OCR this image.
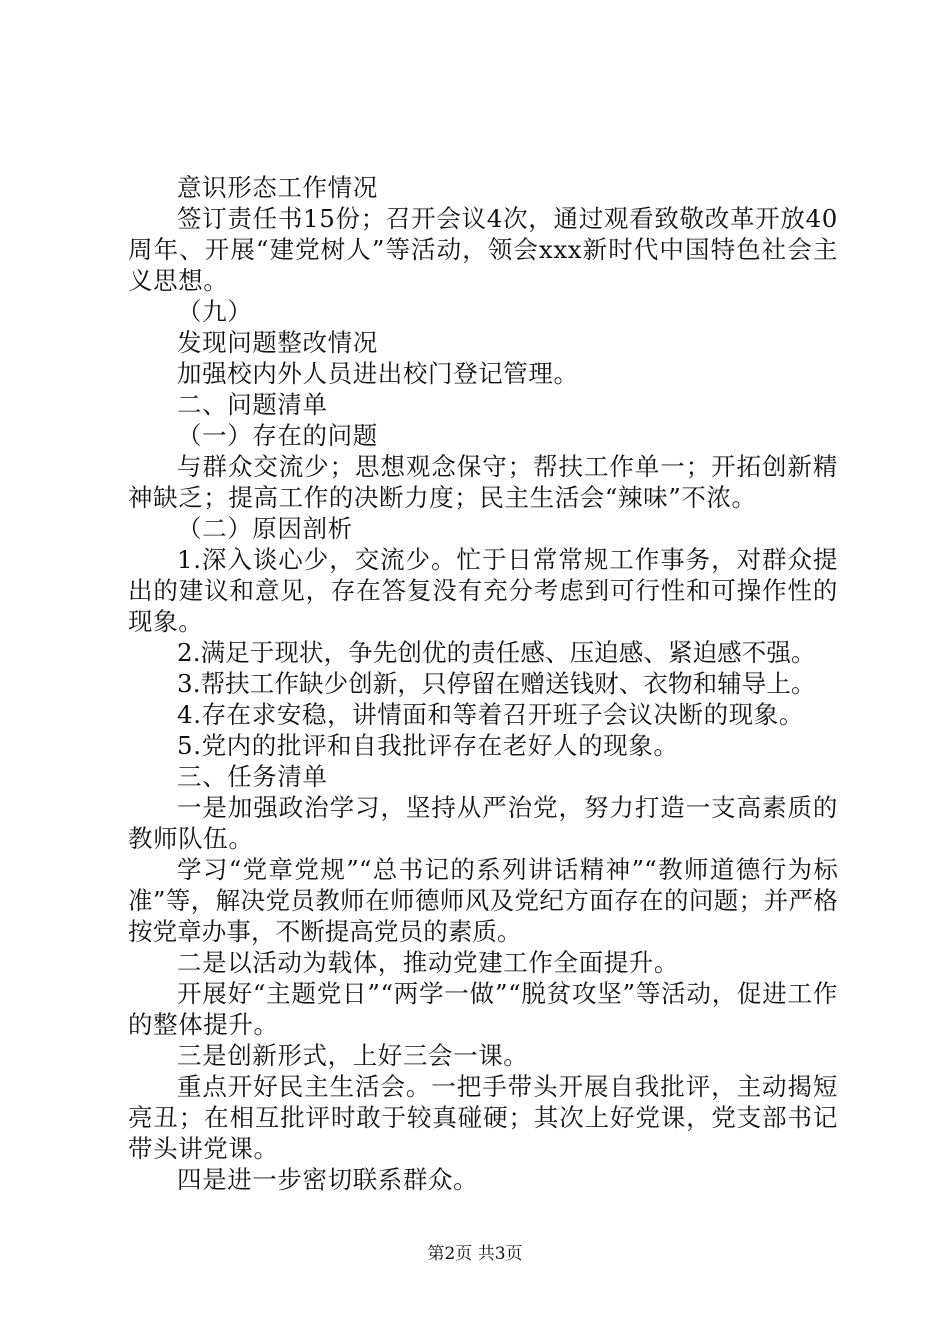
意识形态工作情况

签订责任书15份；召开会议4次，通过观看致敬改革开放40周年、开展“建党树人”等活动，领会xxx新时代中国特色社会主义思想。

（九）

发现问题整改情况

加强校内外人员进出校门登记管理。

二、问题清单

（一）存在的问题

与群众交流少；思想观念保守；帮扶工作单一；开拓创新精神缺乏；提高工作的决断力度；民主生活会“辣味”不浓。

（二）原因剖析

1.深入谈心少，交流少。忙于日常常规工作事务，对群众提出的建议和意见，存在答复没有充分考虑到可行性和可操作性的现象。

2.满足于现状，争先创优的责任感、压迫感、紧迫感不强。

3.帮扶工作缺少创新，只停留在赠送钱财、衣物和辅导上。

4.存在求安稳，讲情面和等着召开班子会议决断的现象。

5.党内的批评和自我批评存在老好人的现象。

三、任务清单

一是加强政治学习，坚持从严治党，努力打造一支高素质的教师队伍。

学习“党章党规”“总书记的系列讲话精神”“教师道德行为标准”等，解决党员教师在师德师风及党纪方面存在的问题；并严格按党章办事，不断提高党员的素质。

二是以活动为载体，推动党建工作全面提升。

开展好“主题党日”“两学一做”“脱贫攻坚”等活动，促进工作的整体提升。

三是创新形式，上好三会一课。

重点开好民主生活会。一把手带头开展自我批评，主动揭短亮丑；在相互批评时敢于较真碰硬；其次上好党课，党支部书记带头讲党课。

四是进一步密切联系群众。

第2页 共3页
